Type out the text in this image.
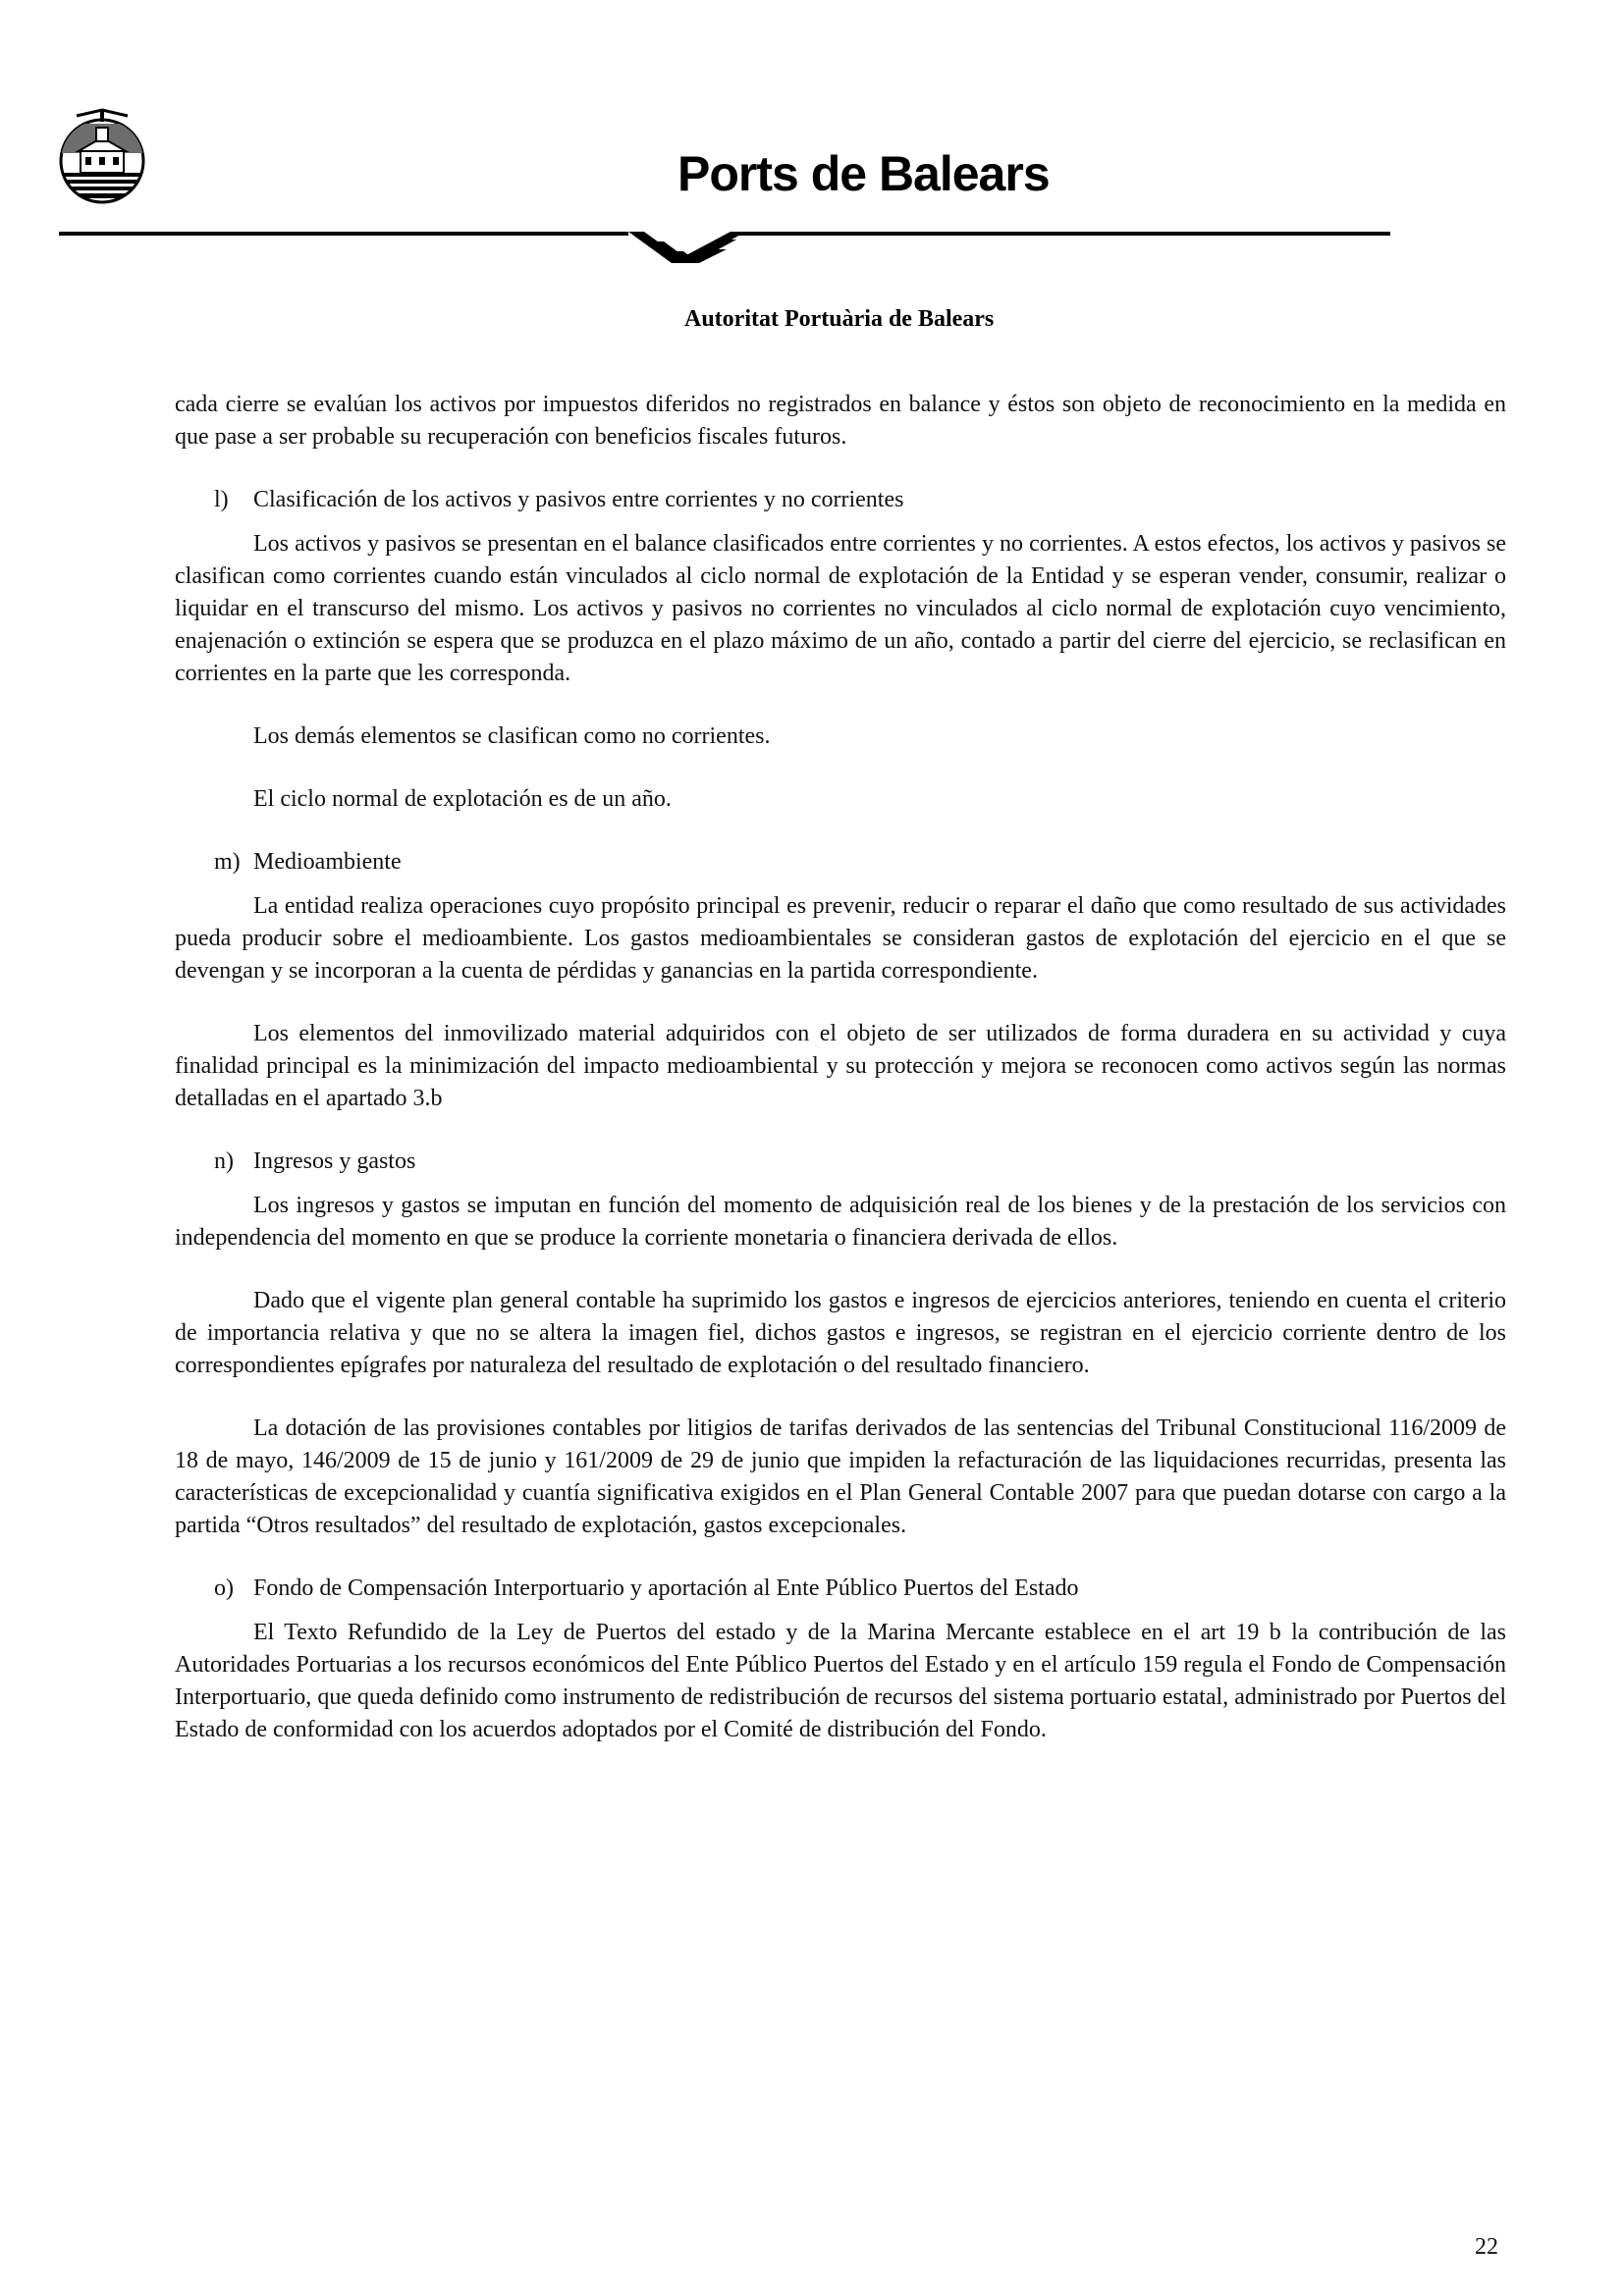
Ports de Balears
Autoritat Portuària de Balears

cada cierre se evalúan los activos por impuestos diferidos no registrados en balance y éstos son objeto de reconocimiento en la medida en que pase a ser probable su recuperación con beneficios fiscales futuros.

l) Clasificación de los activos y pasivos entre corrientes y no corrientes

Los activos y pasivos se presentan en el balance clasificados entre corrientes y no corrientes. A estos efectos, los activos y pasivos se clasifican como corrientes cuando están vinculados al ciclo normal de explotación de la Entidad y se esperan vender, consumir, realizar o liquidar en el transcurso del mismo. Los activos y pasivos no corrientes no vinculados al ciclo normal de explotación cuyo vencimiento, enajenación o extinción se espera que se produzca en el plazo máximo de un año, contado a partir del cierre del ejercicio, se reclasifican en corrientes en la parte que les corresponda.

Los demás elementos se clasifican como no corrientes.

El ciclo normal de explotación es de un año.

m) Medioambiente

La entidad realiza operaciones cuyo propósito principal es prevenir, reducir o reparar el daño que como resultado de sus actividades pueda producir sobre el medioambiente. Los gastos medioambientales se consideran gastos de explotación del ejercicio en el que se devengan y se incorporan a la cuenta de pérdidas y ganancias en la partida correspondiente.

Los elementos del inmovilizado material adquiridos con el objeto de ser utilizados de forma duradera en su actividad y cuya finalidad principal es la minimización del impacto medioambiental y su protección y mejora se reconocen como activos según las normas detalladas en el apartado 3.b

n) Ingresos y gastos

Los ingresos y gastos se imputan en función del momento de adquisición real de los bienes y de la prestación de los servicios con independencia del momento en que se produce la corriente monetaria o financiera derivada de ellos.

Dado que el vigente plan general contable ha suprimido los gastos e ingresos de ejercicios anteriores, teniendo en cuenta el criterio de importancia relativa y que no se altera la imagen fiel, dichos gastos e ingresos, se registran en el ejercicio corriente dentro de los correspondientes epígrafes por naturaleza del resultado de explotación o del resultado financiero.

La dotación de las provisiones contables por litigios de tarifas derivados de las sentencias del Tribunal Constitucional 116/2009 de 18 de mayo, 146/2009 de 15 de junio y 161/2009 de 29 de junio que impiden la refacturación de las liquidaciones recurridas, presenta las características de excepcionalidad y cuantía significativa exigidos en el Plan General Contable 2007 para que puedan dotarse con cargo a la partida “Otros resultados” del resultado de explotación, gastos excepcionales.

o) Fondo de Compensación Interportuario y aportación al Ente Público Puertos del Estado

El Texto Refundido de la Ley de Puertos del estado y de la Marina Mercante establece en el art 19 b la contribución de las Autoridades Portuarias a los recursos económicos del Ente Público Puertos del Estado y en el artículo 159 regula el Fondo de Compensación Interportuario, que queda definido como instrumento de redistribución de recursos del sistema portuario estatal, administrado por Puertos del Estado de conformidad con los acuerdos adoptados por el Comité de distribución del Fondo.

22
